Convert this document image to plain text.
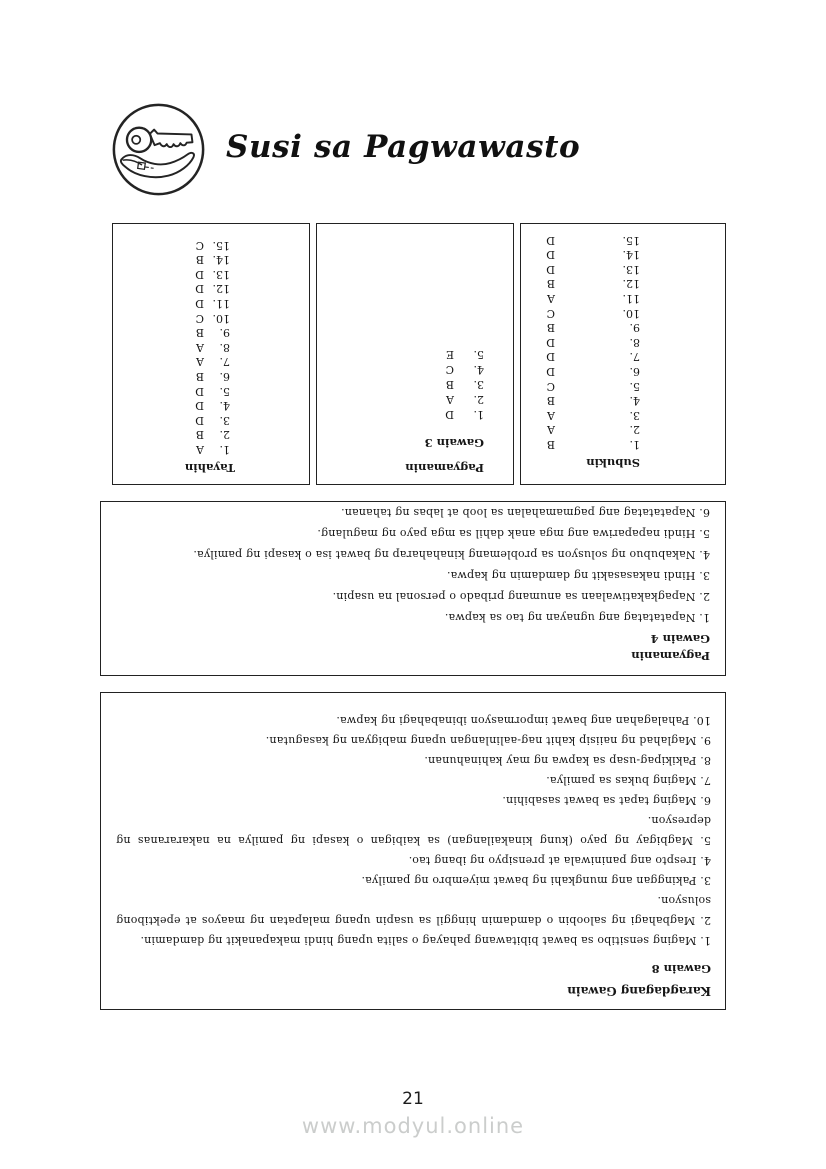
Susi sa Pagwawasto
Tayahin
1.
A
2.
B
3.
D
4.
D
5.
D
6.
B
7.
A
8.
A
9.
B
10.
C
11.
D
12.
D
13.
D
14.
B
15.
C
Pagyamanin
Gawain 3
1.
D
2.
A
3.
B
4.
C
5.
E
Subukin
1.
B
2.
A
3.
A
4.
B
5.
C
6.
D
7.
D
8.
D
9.
B
10.
C
11.
A
12.
B
13.
D
14.
D
15.
D
Pagyamanin
Gawain 4

1. Napatatatag ang ugnayan ng tao sa kapwa.

2. Napagkakatiwalaan sa anumang pribado o personal na usapin.

3. Hindi nakasasakit ng damdamin ng kapwa.

4. Nakabubuo ng solusyon sa problemang kinahaharap ng bawat isa o kasapi ng pamilya.

5. Hindi napapariwa ang mga anak dahil sa mga payo ng magulang.

6. Napatatatag ang pagmamahalan sa loob at labas ng tahanan.

Karagdagang Gawain
Gawain 8

1. Maging sensitibo sa bawat bibitawang pahayag o salita upang hindi makapanakit ng damdamin.

2. Magbahagi ng saloobin o damdamin hinggil sa usapin upang malapatan ng maayos at epektibong
solusyon.

3. Pakinggan ang mungkahi ng bawat miyembro ng pamilya.

4. Irespto ang paniniwala at prensipyo ng ibang tao.

5. Magbigay ng payo (kung kinakailangan) sa kaibigan o kasapi ng pamilya na nakararanas ng
depresyon.

6. Maging tapat sa bawat sasabihin.

7. Maging bukas sa pamilya.

8. Pakikipag-usap sa kapwa ng may kahinahunan.

9. Maglahad ng naiisip kahit nag-aalinlangan upang mabigyan ng kasagutan.

10. Pahalagahan ang bawat impormasyon ibinabahagi ng kapwa.

21
www.modyul.online
